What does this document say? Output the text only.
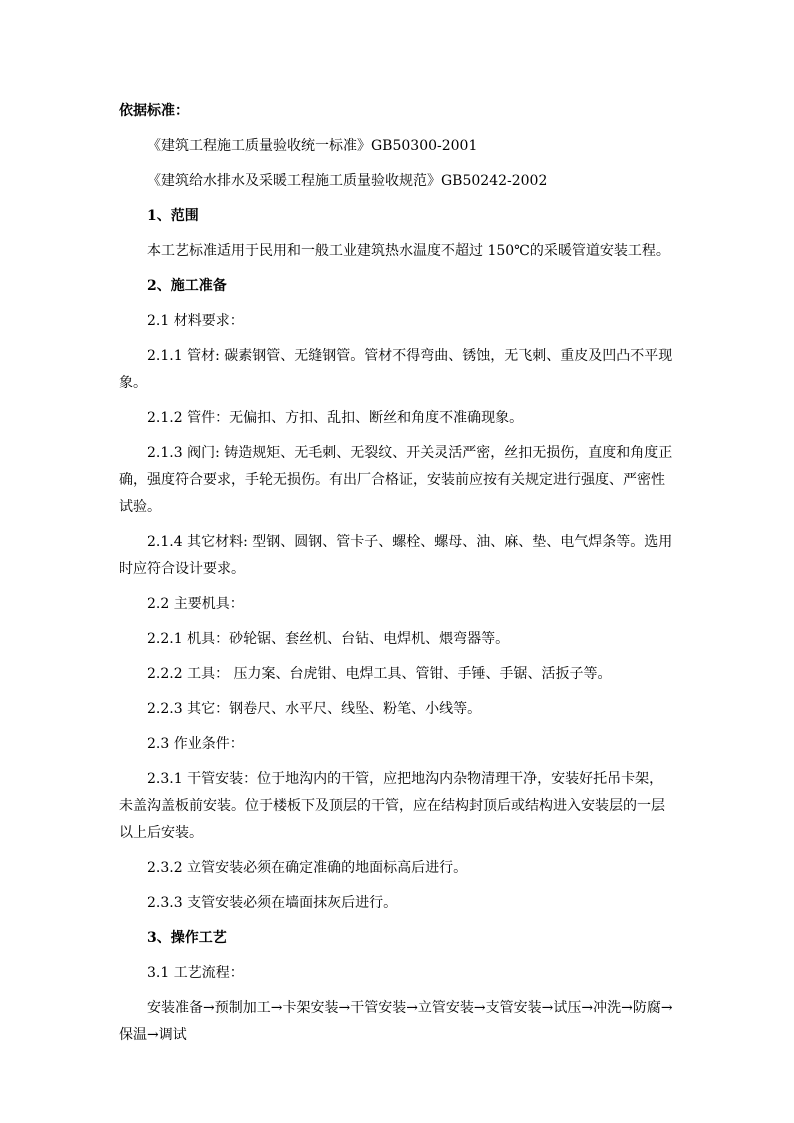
依据标准：

《建筑工程施工质量验收统一标准》GB50300-2001

《建筑给水排水及采暖工程施工质量验收规范》GB50242-2002

1、范围

本工艺标准适用于民用和一般工业建筑热水温度不超过 150℃的采暖管道安装工程。

2、施工准备

2.1 材料要求：

2.1.1 管材: 碳素钢管、无缝钢管。管材不得弯曲、锈蚀，无飞刺、重皮及凹凸不平现象。

2.1.2 管件：无偏扣、方扣、乱扣、断丝和角度不准确现象。

2.1.3 阀门: 铸造规矩、无毛刺、无裂纹、开关灵活严密，丝扣无损伤，直度和角度正确，强度符合要求，手轮无损伤。有出厂合格证，安装前应按有关规定进行强度、严密性试验。

2.1.4 其它材料: 型钢、圆钢、管卡子、螺栓、螺母、油、麻、垫、电气焊条等。选用时应符合设计要求。

2.2 主要机具：

2.2.1 机具：砂轮锯、套丝机、台钻、电焊机、煨弯器等。

2.2.2 工具： 压力案、台虎钳、电焊工具、管钳、手锤、手锯、活扳子等。

2.2.3 其它：钢卷尺、水平尺、线坠、粉笔、小线等。

2.3 作业条件：

2.3.1 干管安装：位于地沟内的干管，应把地沟内杂物清理干净，安装好托吊卡架，未盖沟盖板前安装。位于楼板下及顶层的干管，应在结构封顶后或结构进入安装层的一层以上后安装。

2.3.2 立管安装必须在确定准确的地面标高后进行。

2.3.3 支管安装必须在墙面抹灰后进行。

3、操作工艺

3.1 工艺流程：

安装准备→预制加工→卡架安装→干管安装→立管安装→支管安装→试压→冲洗→防腐→保温→调试
